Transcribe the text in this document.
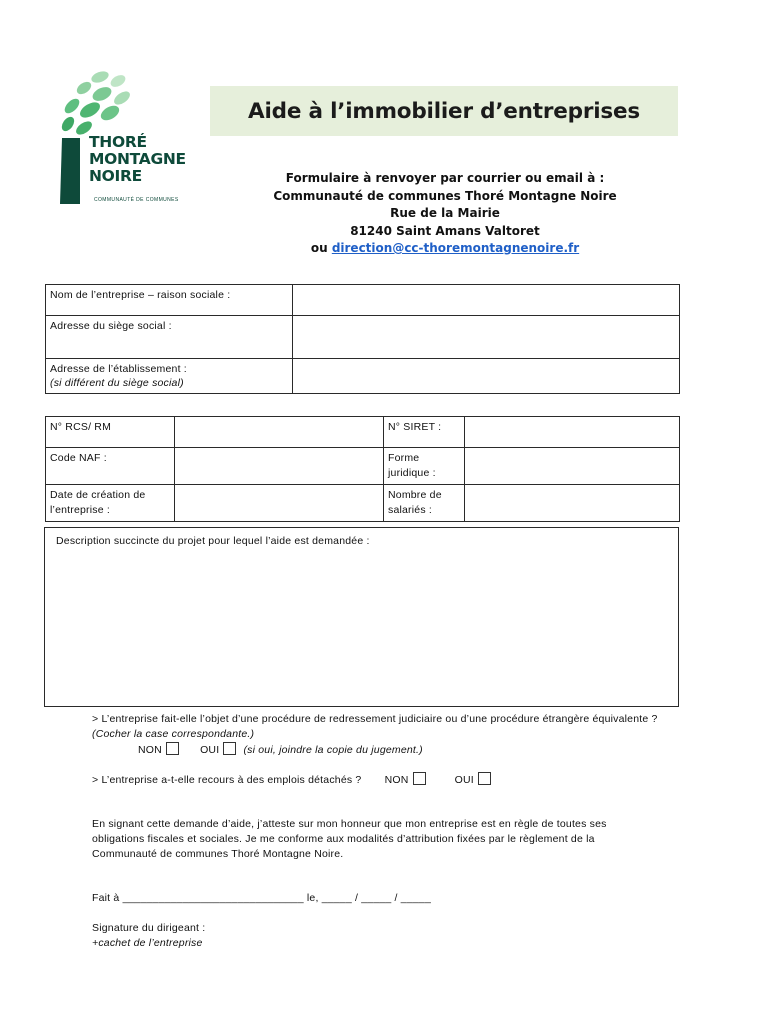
THORÉ
MONTAGNE
NOIRE
COMMUNAUTÉ DE COMMUNES
Aide à l’immobilier d’entreprises
Formulaire à renvoyer par courrier ou email à :
Communauté de communes Thoré Montagne Noire
Rue de la Mairie
81240 Saint Amans Valtoret
ou direction@cc-thoremontagnenoire.fr
Nom de l’entreprise – raison sociale :	
Adresse du siège social :	

Adresse de l’établissement :
(si différent du siège social)	

N° RCS/ RM		N° SIRET :	
Code NAF :		Forme juridique :	
Date de création de l’entreprise :		Nombre de salariés :	
Description succincte du projet pour lequel l’aide est demandée :
> L’entreprise fait-elle l’objet d’une procédure de redressement judiciaire ou d’une procédure étrangère équivalente ? (Cocher la case correspondante.)
NON	OUI (si oui, joindre la copie du jugement.)
> L’entreprise a-t-elle recours à des emplois détachés ? NON	OUI
En signant cette demande d’aide, j’atteste sur mon honneur que mon entreprise est en règle de toutes ses obligations fiscales et sociales. Je me conforme aux modalités d’attribution fixées par le règlement de la Communauté de communes Thoré Montagne Noire.
Fait à ______________________________ le, _____ / _____ / _____
Signature du dirigeant :
+cachet de l’entreprise
